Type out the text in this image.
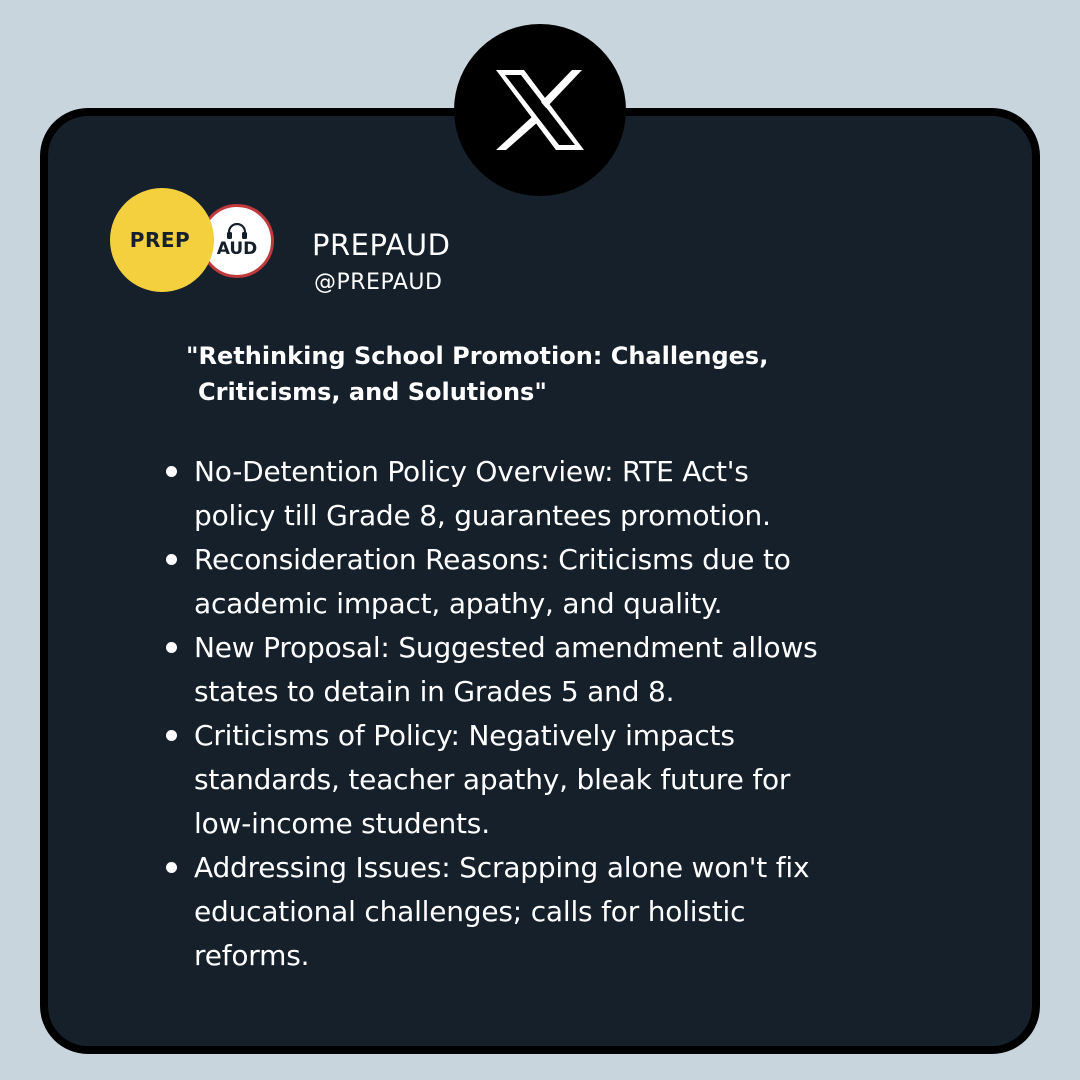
PREP AUD PREPAUD
@PREPAUD
"Rethinking School Promotion: Challenges,
Criticisms, and Solutions"
No-Detention Policy Overview: RTE Act's
policy till Grade 8, guarantees promotion.
Reconsideration Reasons: Criticisms due to
academic impact, apathy, and quality.
New Proposal: Suggested amendment allows
states to detain in Grades 5 and 8.
Criticisms of Policy: Negatively impacts
standards, teacher apathy, bleak future for
low-income students.
Addressing Issues: Scrapping alone won't fix
educational challenges; calls for holistic
reforms.
